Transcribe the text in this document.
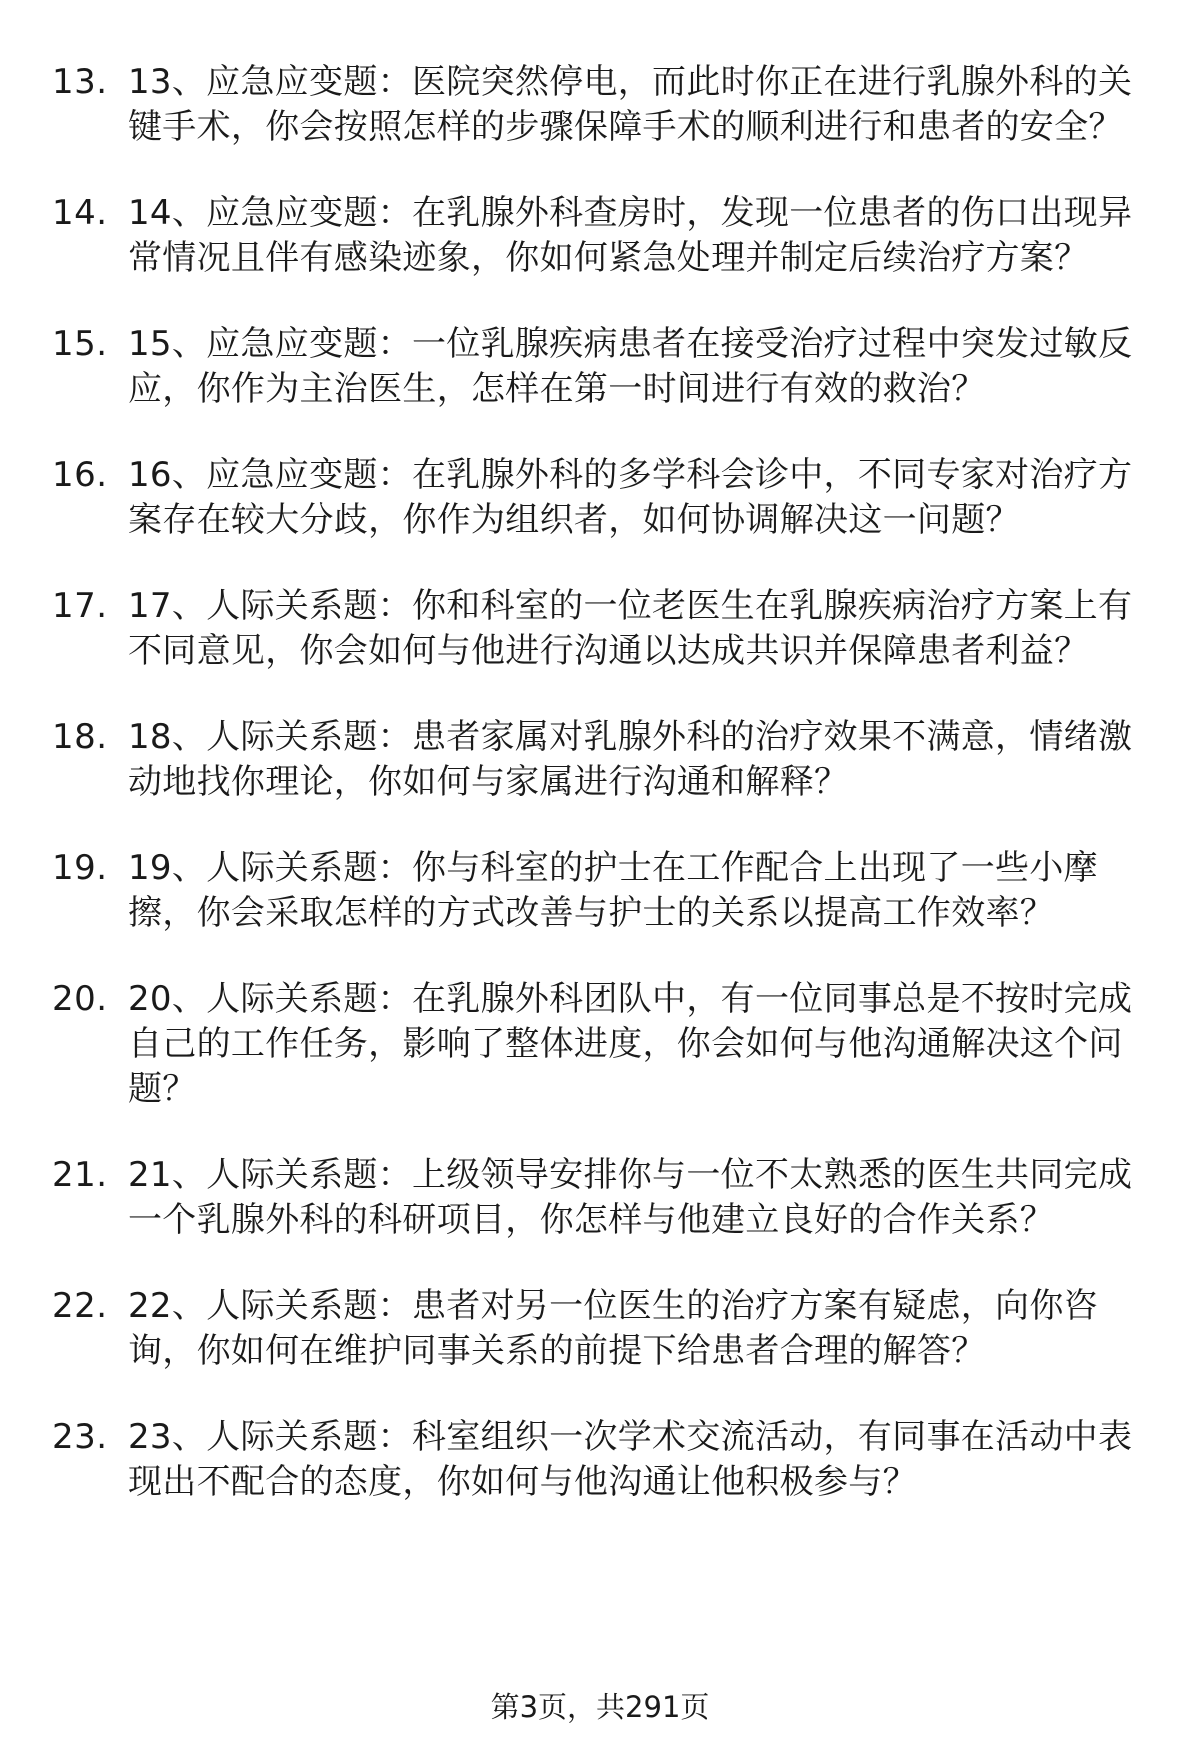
13. 13、应急应变题：医院突然停电，而此时你正在进行乳腺外科的关键手术，你会按照怎样的步骤保障手术的顺利进行和患者的安全？
14. 14、应急应变题：在乳腺外科查房时，发现一位患者的伤口出现异常情况且伴有感染迹象，你如何紧急处理并制定后续治疗方案？
15. 15、应急应变题：一位乳腺疾病患者在接受治疗过程中突发过敏反应，你作为主治医生，怎样在第一时间进行有效的救治？
16. 16、应急应变题：在乳腺外科的多学科会诊中，不同专家对治疗方案存在较大分歧，你作为组织者，如何协调解决这一问题？
17. 17、人际关系题：你和科室的一位老医生在乳腺疾病治疗方案上有不同意见，你会如何与他进行沟通以达成共识并保障患者利益？
18. 18、人际关系题：患者家属对乳腺外科的治疗效果不满意，情绪激动地找你理论，你如何与家属进行沟通和解释？
19. 19、人际关系题：你与科室的护士在工作配合上出现了一些小摩擦，你会采取怎样的方式改善与护士的关系以提高工作效率？
20. 20、人际关系题：在乳腺外科团队中，有一位同事总是不按时完成自己的工作任务，影响了整体进度，你会如何与他沟通解决这个问题？
21. 21、人际关系题：上级领导安排你与一位不太熟悉的医生共同完成一个乳腺外科的科研项目，你怎样与他建立良好的合作关系？
22. 22、人际关系题：患者对另一位医生的治疗方案有疑虑，向你咨询，你如何在维护同事关系的前提下给患者合理的解答？
23. 23、人际关系题：科室组织一次学术交流活动，有同事在活动中表现出不配合的态度，你如何与他沟通让他积极参与？
第3页，共291页
